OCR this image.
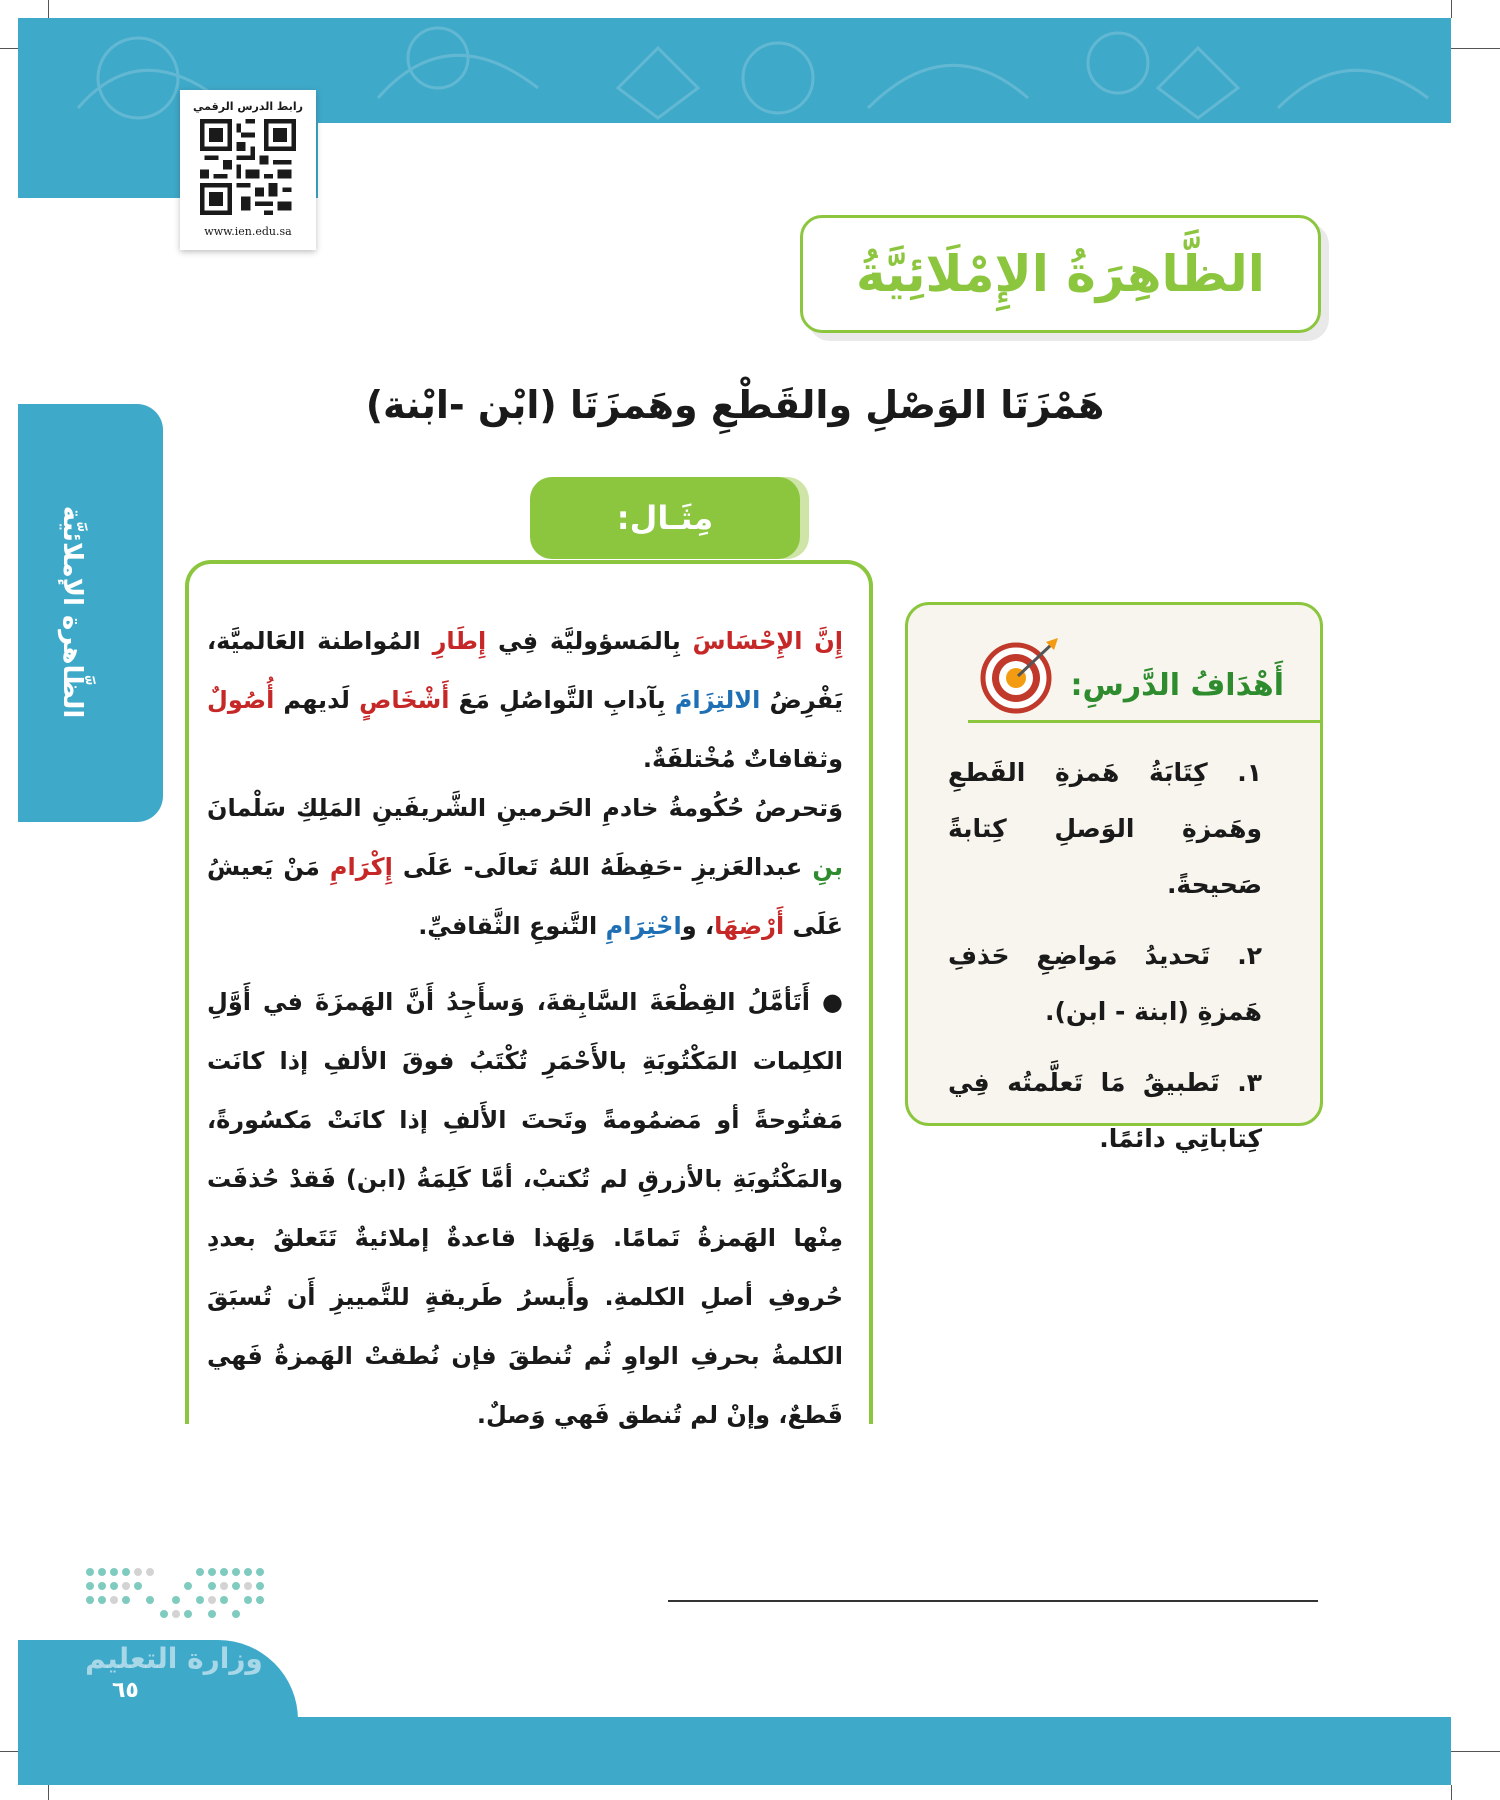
رابط الدرس الرقمي
www.ien.edu.sa
الظَّاهِرَةُ الإِمْلَائِيَّةُ
هَمْزَتَا الوَصْلِ والقَطْعِ وهَمزَتَا (ابْن -ابْنة)
الظَّاهرة الإملائيَّة	مِثَـال:
إِنَّ الإِحْسَاسَ بِالمَسؤوليَّة فِي إِطَارِ المُواطنة العَالميَّة، يَفْرِضُ الالتِزَامَ بِآدابِ التَّواصُلِ مَعَ أَشْخَاصٍ لَديهم أُصُولٌ وثقافاتٌ مُخْتلفَةٌ.
وَتحرصُ حُكُومةُ خادمِ الحَرمينِ الشَّريفَينِ المَلِكِ سَلْمانَ بنِ عبدالعَزيزِ -حَفِظَهُ اللهُ تَعالَى- عَلَى إِكْرَامِ مَنْ يَعيشُ عَلَى أَرْضِهَا، واحْتِرَامِ التَّنوعِ الثَّقافيِّ.
● أَتَأمَّلُ القِطْعَةَ السَّابِقةَ، وَسأَجِدُ أَنَّ الهَمزَةَ في أَوَّلِ الكلِمات المَكْتُوبَةِ بالأَحْمَرِ تُكْتَبُ فوقَ الألفِ إذا كانَت مَفتُوحةً أو مَضمُومةً وتَحتَ الأَلفِ إذا كانَتْ مَكسُورةً، والمَكْتُوبَةِ بالأزرقِ لم تُكتبْ، أمَّا كَلِمَةُ (ابن) فَقدْ حُذفَت مِنْها الهَمزةُ تَمامًا. وَلِهَذا قاعدةٌ إملائيةٌ تَتَعلقُ بعددِ حُروفِ أصلِ الكلمةِ. وأَيسرُ طَريقةٍ للتَّمييزِ أَن تُسبَقَ الكلمةُ بحرفِ الواوِ ثُم تُنطقَ فإن نُطقتْ الهَمزةُ فَهي قَطعٌ، وإنْ لم تُنطق فَهي وَصلٌ.
أَهْدَافُ الدَّرسِ:
١. كِتَابَةُ هَمزةِ القَطعِ وهَمزةِ الوَصلِ كِتابةً صَحيحةً.
٢. تَحديدُ مَواضِعِ حَذفِ هَمزةِ (ابنة - ابن).
٣. تَطبيقُ مَا تَعلَّمتُه فِي كِتاباتِي دائمًا.
وزارة التعليم
٦٥
